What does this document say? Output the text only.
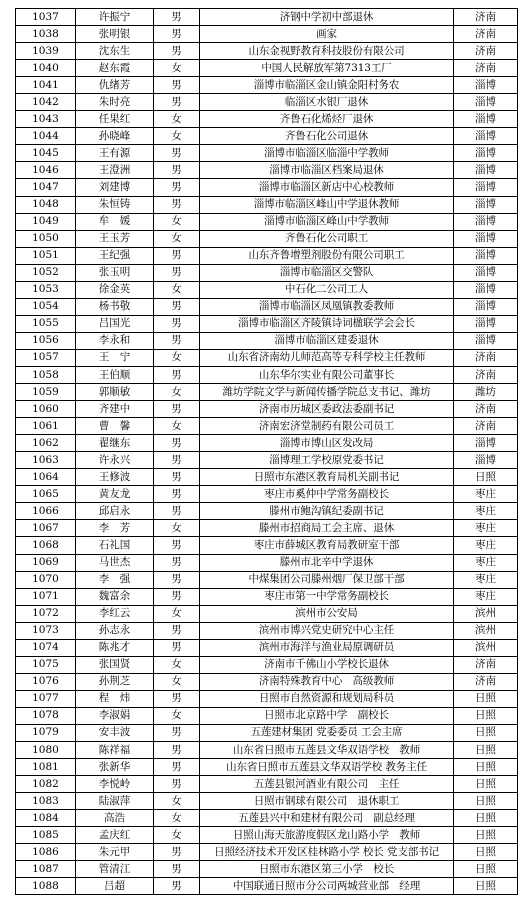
1037	许振宁	男	济钢中学初中部退休	济南
1038	张明银	男	画家	济南
1039	沈东生	男	山东金视野教育科技股份有限公司	济南
1040	赵东霞	女	中国人民解放军第7313工厂	济南
1041	仇绪芳	男	淄博市临淄区金山镇金阳村务农	淄博
1042	朱时亮	男	临淄区水银厂退休	淄博
1043	任果红	女	齐鲁石化烯烃厂退休	淄博
1044	孙晓峰	女	齐鲁石化公司退休	淄博
1045	王有源	男	淄博市临淄区临淄中学教师	淄博
1046	王澄洲	男	淄博市临淄区档案局退休	淄博
1047	刘建博	男	淄博市临淄区新店中心校教师	淄博
1048	朱恒铸	男	淄博市临淄区峰山中学退休教师	淄博
1049	牟　媛	女	淄博市临淄区峰山中学教师	淄博
1050	王玉芳	女	齐鲁石化公司职工	淄博
1051	王纪强	男	山东齐鲁增塑剂股份有限公司职工	淄博
1052	张玉明	男	淄博市临淄区交警队	淄博
1053	徐金英	女	中石化二公司工人	淄博
1054	杨书敬	男	淄博市临淄区凤凰镇教委教师	淄博
1055	吕国光	男	淄博市临淄区齐陵镇诗词楹联学会会长	淄博
1056	李永和	男	淄博市临淄区建委退休	淄博
1057	王　宁	女	山东省济南幼儿师范高等专科学校主任教师	济南
1058	王伯顺	男	山东华尔实业有限公司董事长	济南
1059	郭顺敏	女	潍坊学院文学与新闻传播学院总支书记、潍坊	潍坊
1060	齐建中	男	济南市历城区委政法委副书记	济南
1061	曹　馨	女	济南宏济堂制药有限公司员工	济南
1062	翟继东	男	淄博市博山区发改局	淄博
1063	许永兴	男	淄博理工学校原党委书记	淄博
1064	王修波	男	日照市东港区教育局机关副书记	日照
1065	黄友龙	男	枣庄市奚仲中学常务副校长	枣庄
1066	邱启永	男	滕州市鲍沟镇纪委副书记	枣庄
1067	李　芳	女	滕州市招商局工会主席、退休	枣庄
1068	石礼国	男	枣庄市薛城区教育局教研室干部	枣庄
1069	马世杰	男	滕州市北辛中学退休	枣庄
1070	李　强	男	中煤集团公司滕州烟厂保卫部干部	枣庄
1071	魏富余	男	枣庄市第一中学常务副校长	枣庄
1072	李红云	女	滨州市公安局	滨州
1073	孙志永	男	滨州市博兴党史研究中心主任	滨州
1074	陈兆才	男	滨州市海洋与渔业局原调研员	滨州
1075	张国贤	女	济南市千佛山小学校长退休	济南
1076	孙荆芝	女	济南特殊教育中心　高级教师	济南
1077	程　炜	男	日照市自然资源和规划局科员	日照
1078	李淑娟	女	日照市北京路中学　副校长	日照
1079	安丰波	男	五莲建材集团 党委委员 工会主席	日照
1080	陈祥福	男	山东省日照市五莲县文华双语学校　教师	日照
1081	张新华	男	山东省日照市五莲县文华双语学校 教务主任	日照
1082	李悦岭	男	五莲县银河酒业有限公司　主任	日照
1083	陆淑萍	女	日照市钢球有限公司　退休职工	日照
1084	高浩	女	五莲县兴中和建材有限公司　副总经理	日照
1085	孟庆红	女	日照山海天旅游度假区龙山路小学　教师	日照
1086	朱元甲	男	日照经济技术开发区桂林路小学 校长 党支部书记	日照
1087	管清江	男	日照市东港区第三小学　校长	日照
1088	吕超	男	中国联通日照市分公司两城营业部　经理	日照
